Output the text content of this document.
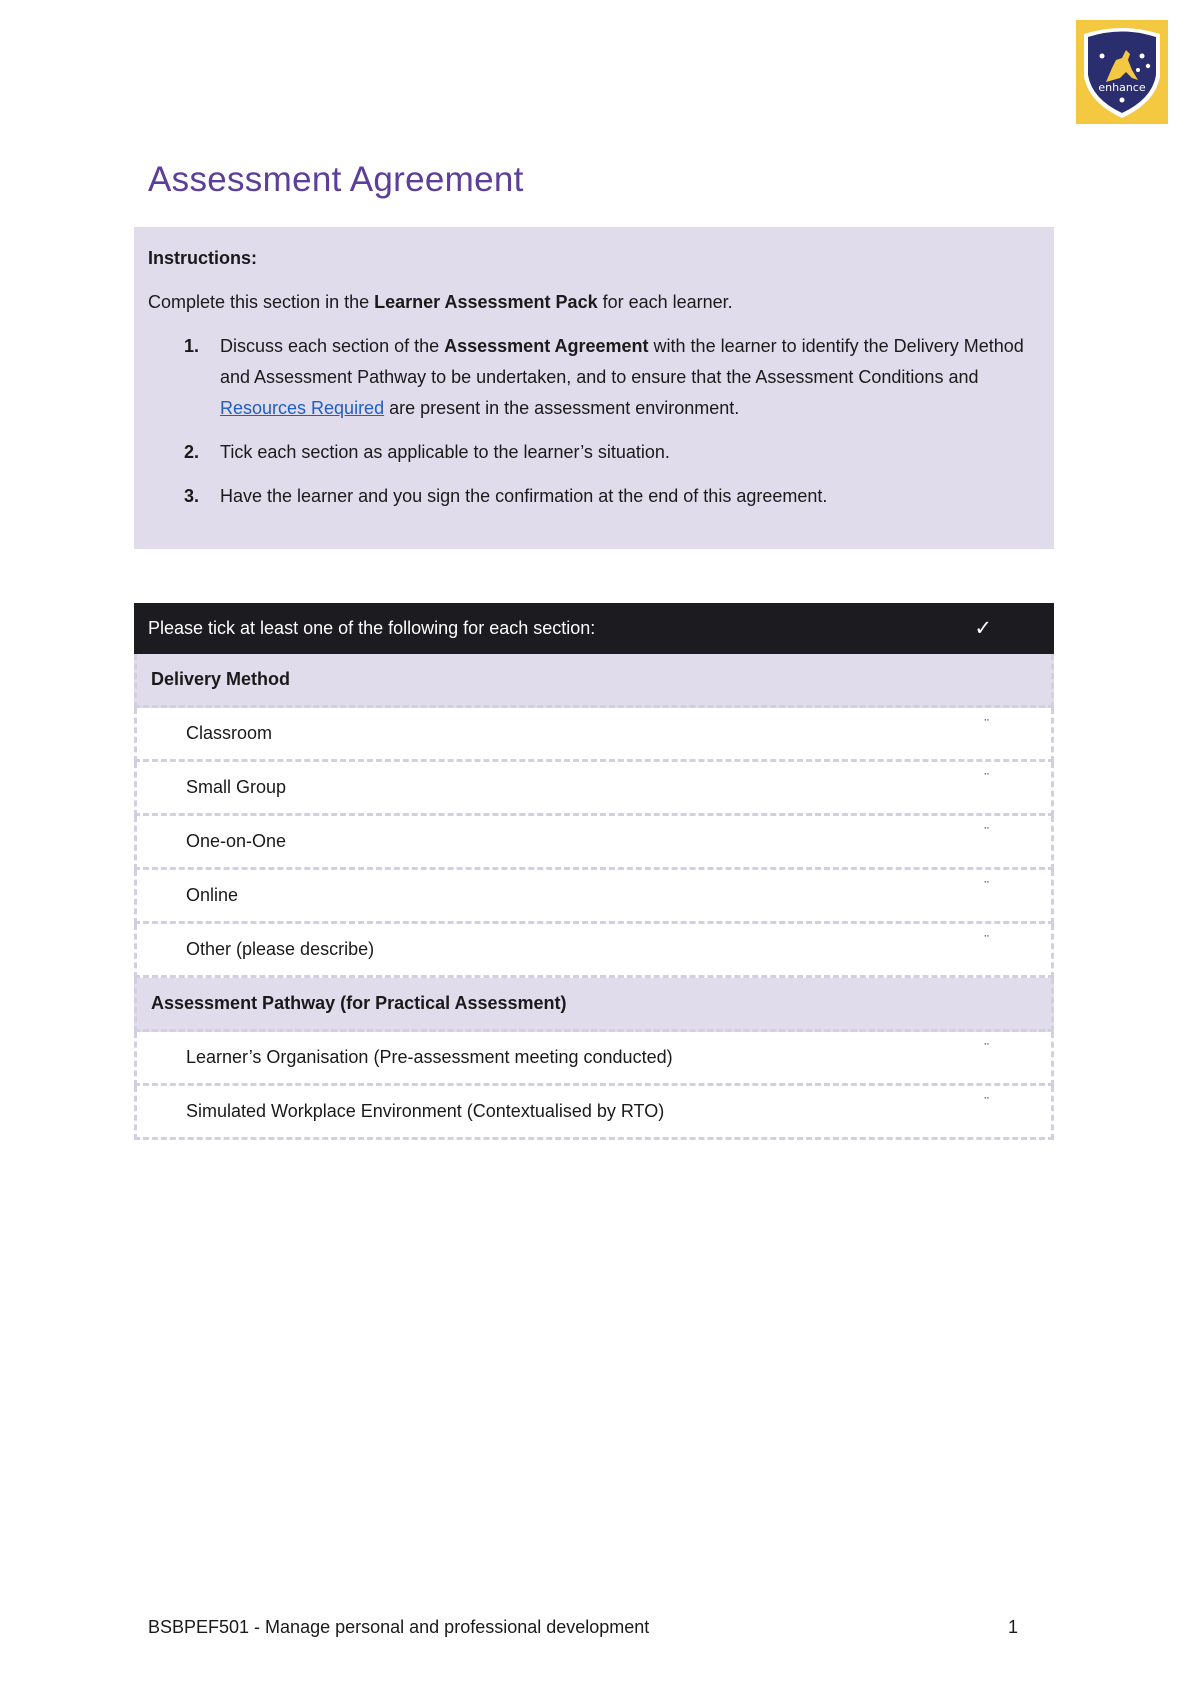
enhance
Assessment Agreement

Instructions:

Complete this section in the Learner Assessment Pack for each learner.

1. Discuss each section of the Assessment Agreement with the learner to identify the Delivery Method and Assessment Pathway to be undertaken, and to ensure that the Assessment Conditions and Resources Required are present in the assessment environment.
2. Tick each section as applicable to the learner’s situation.
3. Have the learner and you sign the confirmation at the end of this agreement.
Please tick at least one of the following for each section:	✓
Delivery Method
Classroom	¨
Small Group	¨
One-on-One	¨
Online	¨
Other (please describe)	¨
Assessment Pathway (for Practical Assessment)
Learner’s Organisation (Pre-assessment meeting conducted)	¨
Simulated Workplace Environment (Contextualised by RTO)	¨
BSBPEF501 - Manage personal and professional development	1
